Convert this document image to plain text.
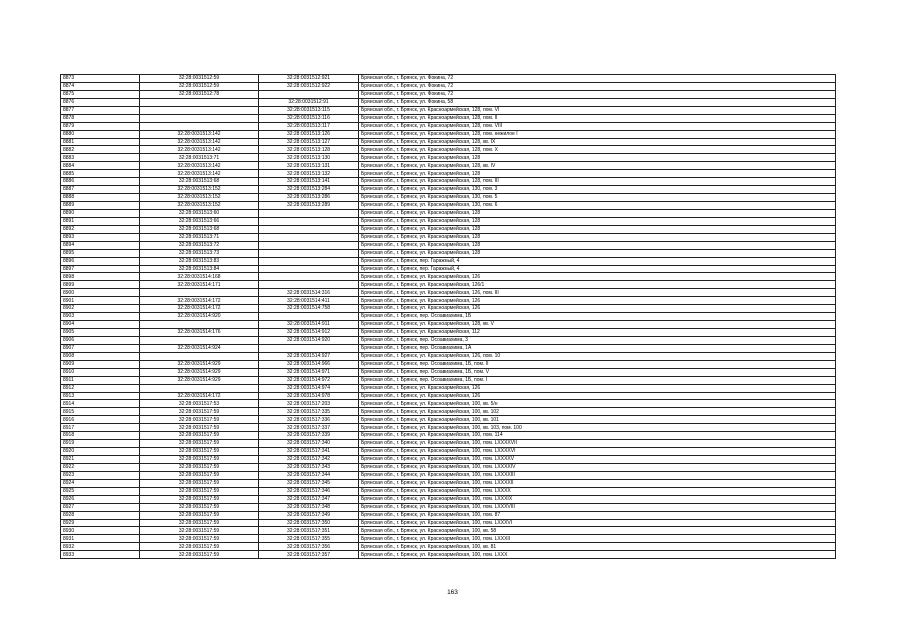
8873	32:28:0031512:59	32:28:0031512:921	Брянская обл., г. Брянск, ул. Фокина, 72
8874	32:28:0031512:59	32:28:0031512:922	Брянская обл., г. Брянск, ул. Фокина, 72
8875	32:28:0031512:78		Брянская обл., г. Брянск, ул. Фокина, 72
8876		32:28:0031512:91	Брянская обл., г. Брянск, ул. Фокина, 58
8877		32:28:0031513:115	Брянская обл., г. Брянск, ул. Красноармейская, 128, пом. VI
8878		32:28:0031513:116	Брянская обл., г. Брянск, ул. Красноармейская, 128, пом. II
8879		32:28:0031513:117	Брянская обл., г. Брянск, ул. Красноармейская, 128, пом. VIII
8880	32:28:0031513:142	32:28:0031513:126	Брянская обл., г. Брянск, ул. Красноармейская, 128, пом. нежилое I
8881	32:28:0031513:142	32:28:0031513:127	Брянская обл., г. Брянск, ул. Красноармейская, 128, кв. IX
8882	32:28:0031513:142	32:28:0031513:128	Брянская обл., г. Брянск, ул. Красноармейская, 128, пом. X
8883	32:28:0031513:71	32:28:0031513:130	Брянская обл., г. Брянск, ул. Красноармейская, 128
8884	32:28:0031513:142	32:28:0031513:131	Брянская обл., г. Брянск, ул. Красноармейская, 128, кв. IV
8885	32:28:0031513:142	32:28:0031513:132	Брянская обл., г. Брянск, ул. Красноармейская, 128
8886	32:28:0031513:68	32:28:0031513:141	Брянская обл., г. Брянск, ул. Красноармейская, 128, пом. III
8887	32:28:0031513:152	32:28:0031513:284	Брянская обл., г. Брянск, ул. Красноармейская, 130, пом. 3
8888	32:28:0031513:152	32:28:0031513:286	Брянская обл., г. Брянск, ул. Красноармейская, 130, пом. 5
8889	32:28:0031513:152	32:28:0031513:289	Брянская обл., г. Брянск, ул. Красноармейская, 130, пом. 6
8890	32:28:0031513:60		Брянская обл., г. Брянск, ул. Красноармейская, 128
8891	32:28:0031513:66		Брянская обл., г. Брянск, ул. Красноармейская, 128
8892	32:28:0031513:68		Брянская обл., г. Брянск, ул. Красноармейская, 128
8893	32:28:0031513:71		Брянская обл., г. Брянск, ул. Красноармейская, 128
8894	32:28:0031513:72		Брянская обл., г. Брянск, ул. Красноармейская, 128
8895	32:28:0031513:73		Брянская обл., г. Брянск, ул. Красноармейская, 128
8896	32:28:0031513:83		Брянская обл., г. Брянск, пер. Гаражный, 4
8897	32:28:0031513:84		Брянская обл., г. Брянск, пер. Гаражный, 4
8898	32:28:0031514:168		Брянская обл., г. Брянск, ул. Красноармейская, 126
8899	32:28:0031514:171		Брянская обл., г. Брянск, ул. Красноармейская, 126/1
8900		32:28:0031514:316	Брянская обл., г. Брянск, ул. Красноармейская, 126, пом. III
8901	32:28:0031514:172	32:28:0031514:411	Брянская обл., г. Брянск, ул. Красноармейская, 126
8902	32:28:0031514:172	32:28:0031514:758	Брянская обл., г. Брянск, ул. Красноармейская, 126
8903	32:28:0031514:920		Брянская обл., г. Брянск, пер. Осоавиахима, 1Б
8904		32:28:0031514:911	Брянская обл., г. Брянск, ул. Красноармейская, 128, кв. V
8905	32:28:0031514:176	32:28:0031514:912	Брянская обл., г. Брянск, ул. Красноармейская, 112
8906		32:28:0031514:920	Брянская обл., г. Брянск, пер. Осоавиахима, 3
8907	32:28:0031514:924		Брянская обл., г. Брянск, пер. Осоавиахима, 1А
8908		32:28:0031514:927	Брянская обл., г. Брянск, ул. Красноармейская, 126, пом. 10
8909	32:28:0031514:929	32:28:0031514:966	Брянская обл., г. Брянск, пер. Осоавиахима, 1Б, пом. II
8910	32:28:0031514:929	32:28:0031514:971	Брянская обл., г. Брянск, пер. Осоавиахима, 1Б, пом. V
8911	32:28:0031514:929	32:28:0031514:972	Брянская обл., г. Брянск, пер. Осоавиахима, 1Б, пом. I
8912		32:28:0031514:974	Брянская обл., г. Брянск, ул. Красноармейская, 126
8913	32:28:0031514:172	32:28:0031514:978	Брянская обл., г. Брянск, ул. Красноармейская, 126
8914	32:28:0031517:53	32:28:0031517:203	Брянская обл., г. Брянск, ул. Красноармейская, 100, кв. 5/н
8915	32:28:0031517:59	32:28:0031517:335	Брянская обл., г. Брянск, ул. Красноармейская, 100, кв. 102
8916	32:28:0031517:59	32:28:0031517:336	Брянская обл., г. Брянск, ул. Красноармейская, 100, кв. 101
8917	32:28:0031517:59	32:28:0031517:337	Брянская обл., г. Брянск, ул. Красноармейская, 100, кв. 103, пом. 100
8918	32:28:0031517:59	32:28:0031517:339	Брянская обл., г. Брянск, ул. Красноармейская, 100, пом. 114
8919	32:28:0031517:59	32:28:0031517:340	Брянская обл., г. Брянск, ул. Красноармейская, 100, пом. LXXXXVII
8920	32:28:0031517:59	32:28:0031517:341	Брянская обл., г. Брянск, ул. Красноармейская, 100, пом. LXXXXVI
8921	32:28:0031517:59	32:28:0031517:342	Брянская обл., г. Брянск, ул. Красноармейская, 100, пом. LXXXXV
8922	32:28:0031517:59	32:28:0031517:343	Брянская обл., г. Брянск, ул. Красноармейская, 100, пом. LXXXXIV
8923	32:28:0031517:59	32:28:0031517:344	Брянская обл., г. Брянск, ул. Красноармейская, 100, пом. LXXXXIII
8924	32:28:0031517:59	32:28:0031517:345	Брянская обл., г. Брянск, ул. Красноармейская, 100, пом. LXXXXII
8925	32:28:0031517:59	32:28:0031517:346	Брянская обл., г. Брянск, ул. Красноармейская, 100, пом. LXXXX
8926	32:28:0031517:59	32:28:0031517:347	Брянская обл., г. Брянск, ул. Красноармейская, 100, пом. LXXXIX
8927	32:28:0031517:59	32:28:0031517:348	Брянская обл., г. Брянск, ул. Красноармейская, 100, пом. LXXXVIII
8928	32:28:0031517:59	32:28:0031517:349	Брянская обл., г. Брянск, ул. Красноармейская, 100, пом. 87
8929	32:28:0031517:59	32:28:0031517:350	Брянская обл., г. Брянск, ул. Красноармейская, 100, пом. LXXXVI
8930	32:28:0031517:59	32:28:0031517:351	Брянская обл., г. Брянск, ул. Красноармейская, 100, кв. 58
8931	32:28:0031517:59	32:28:0031517:355	Брянская обл., г. Брянск, ул. Красноармейская, 100, пом. LXXXII
8932	32:28:0031517:59	32:28:0031517:356	Брянская обл., г. Брянск, ул. Красноармейская, 100, кв. 81
8933	32:28:0031517:59	32:28:0031517:357	Брянская обл., г. Брянск, ул. Красноармейская, 100, пом. LXXX
163
